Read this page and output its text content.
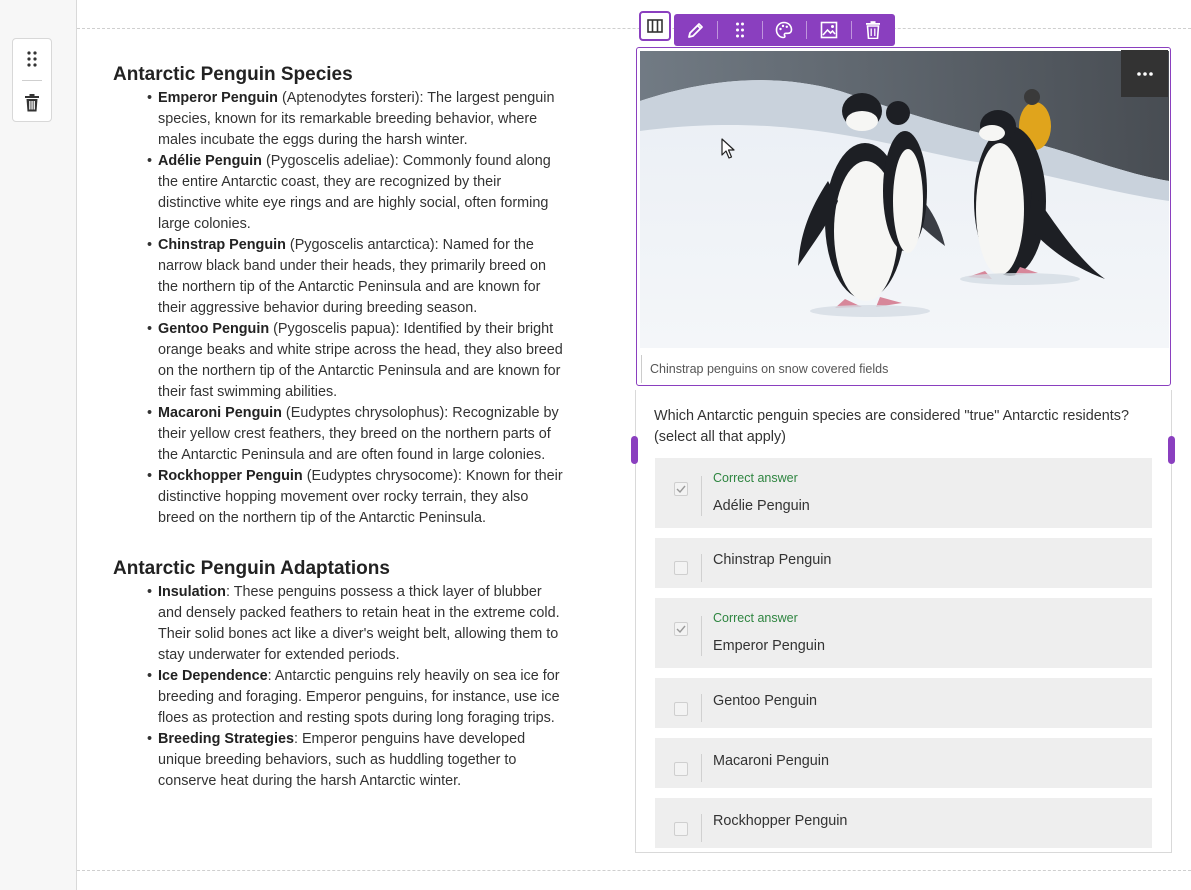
Antarctic Penguin Species
• Emperor Penguin (Aptenodytes forsteri): The largest penguin species, known for its remarkable breeding behavior, where males incubate the eggs during the harsh winter.
• Adélie Penguin (Pygoscelis adeliae): Commonly found along the entire Antarctic coast, they are recognized by their distinctive white eye rings and are highly social, often forming large colonies.
• Chinstrap Penguin (Pygoscelis antarctica): Named for the narrow black band under their heads, they primarily breed on the northern tip of the Antarctic Peninsula and are known for their aggressive behavior during breeding season.
• Gentoo Penguin (Pygoscelis papua): Identified by their bright orange beaks and white stripe across the head, they also breed on the northern tip of the Antarctic Peninsula and are known for their fast swimming abilities.
• Macaroni Penguin (Eudyptes chrysolophus): Recognizable by their yellow crest feathers, they breed on the northern parts of the Antarctic Peninsula and are often found in large colonies.
• Rockhopper Penguin (Eudyptes chrysocome): Known for their distinctive hopping movement over rocky terrain, they also breed on the northern tip of the Antarctic Peninsula.
Antarctic Penguin Adaptations
• Insulation: These penguins possess a thick layer of blubber and densely packed feathers to retain heat in the extreme cold. Their solid bones act like a diver's weight belt, allowing them to stay underwater for extended periods.
• Ice Dependence: Antarctic penguins rely heavily on sea ice for breeding and foraging. Emperor penguins, for instance, use ice floes as protection and resting spots during long foraging trips.
• Breeding Strategies: Emperor penguins have developed unique breeding behaviors, such as huddling together to conserve heat during the harsh Antarctic winter.
Chinstrap penguins on snow covered fields
Which Antarctic penguin species are considered "true" Antarctic residents? (select all that apply)
Correct answer
Adélie Penguin
Chinstrap Penguin
Correct answer
Emperor Penguin
Gentoo Penguin
Macaroni Penguin
Rockhopper Penguin
